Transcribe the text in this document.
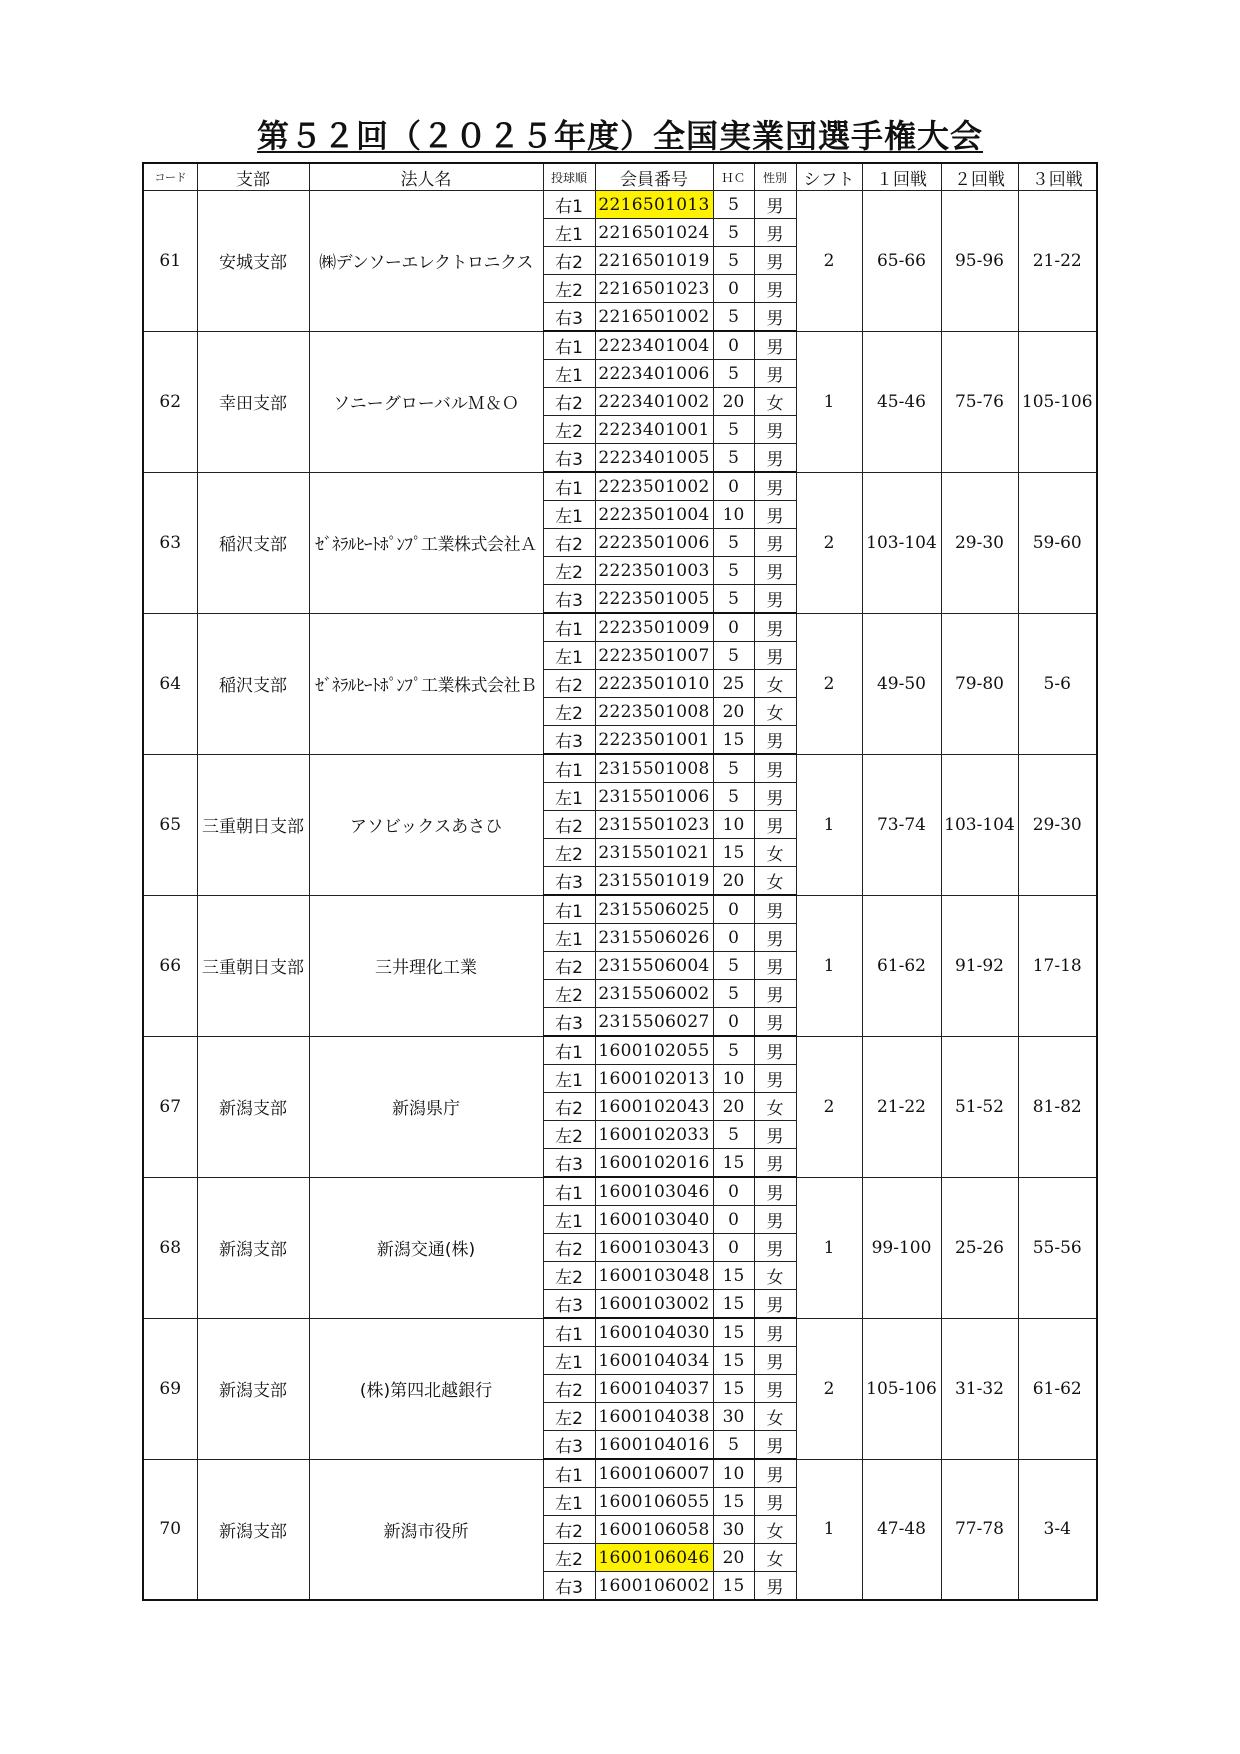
第５２回（２０２５年度）全国実業団選手権大会
コード	支部	法人名	投球順	会員番号	ＨＣ	性別	シフト	１回戦	２回戦	３回戦
61	安城支部	㈱デンソーエレクトロニクス	右1	2216501013	5	男	2	65-66	95-96	21-22
			左1	2216501024	5	男				
			右2	2216501019	5	男				
			左2	2216501023	0	男				
			右3	2216501002	5	男				
62	幸田支部	ソニーグローバルＭ＆Ｏ	右1	2223401004	0	男	1	45-46	75-76	105-106
			左1	2223401006	5	男				
			右2	2223401002	20	女				
			左2	2223401001	5	男				
			右3	2223401005	5	男				
63	稲沢支部	ｾﾞﾈﾗﾙﾋｰﾄﾎﾟﾝﾌﾟ工業株式会社Ａ	右1	2223501002	0	男	2	103-104	29-30	59-60
			左1	2223501004	10	男				
			右2	2223501006	5	男				
			左2	2223501003	5	男				
			右3	2223501005	5	男				
64	稲沢支部	ｾﾞﾈﾗﾙﾋｰﾄﾎﾟﾝﾌﾟ工業株式会社Ｂ	右1	2223501009	0	男	2	49-50	79-80	5-6
			左1	2223501007	5	男				
			右2	2223501010	25	女				
			左2	2223501008	20	女				
			右3	2223501001	15	男				
65	三重朝日支部	アソビックスあさひ	右1	2315501008	5	男	1	73-74	103-104	29-30
			左1	2315501006	5	男				
			右2	2315501023	10	男				
			左2	2315501021	15	女				
			右3	2315501019	20	女				
66	三重朝日支部	三井理化工業	右1	2315506025	0	男	1	61-62	91-92	17-18
			左1	2315506026	0	男				
			右2	2315506004	5	男				
			左2	2315506002	5	男				
			右3	2315506027	0	男				
67	新潟支部	新潟県庁	右1	1600102055	5	男	2	21-22	51-52	81-82
			左1	1600102013	10	男				
			右2	1600102043	20	女				
			左2	1600102033	5	男				
			右3	1600102016	15	男				
68	新潟支部	新潟交通(株)	右1	1600103046	0	男	1	99-100	25-26	55-56
			左1	1600103040	0	男				
			右2	1600103043	0	男				
			左2	1600103048	15	女				
			右3	1600103002	15	男				
69	新潟支部	(株)第四北越銀行	右1	1600104030	15	男	2	105-106	31-32	61-62
			左1	1600104034	15	男				
			右2	1600104037	15	男				
			左2	1600104038	30	女				
			右3	1600104016	5	男				
70	新潟支部	新潟市役所	右1	1600106007	10	男	1	47-48	77-78	3-4
			左1	1600106055	15	男				
			右2	1600106058	30	女				
			左2	1600106046	20	女				
			右3	1600106002	15	男				
